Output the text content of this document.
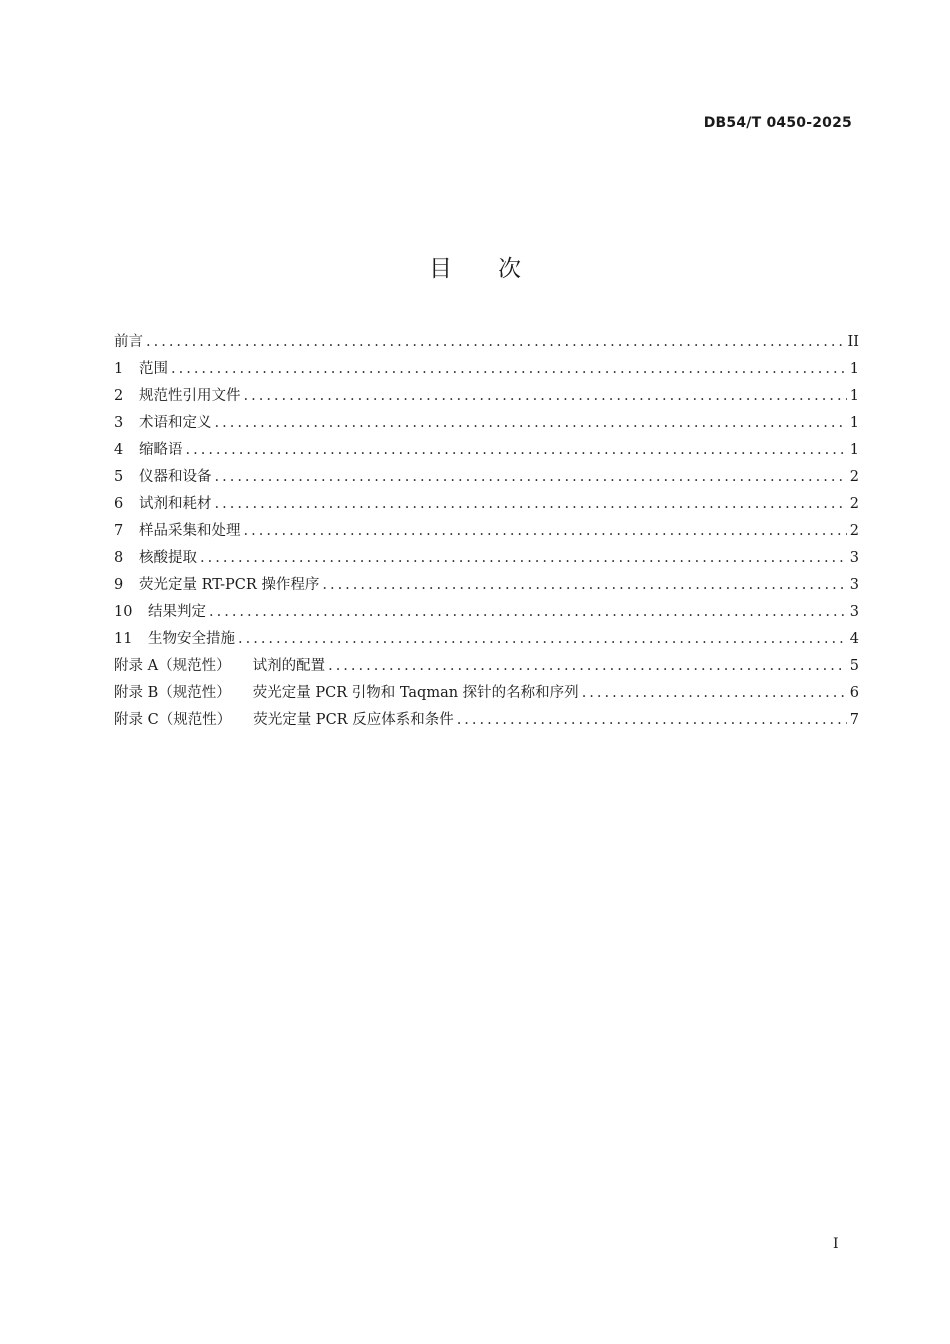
DB54/T 0450-2025
目次
前言 .....	II
1	范围 .....	1
2	规范性引用文件 .....	1
3	术语和定义 .....	1
4	缩略语 .....	1
5	仪器和设备 .....	2
6	试剂和耗材 .....	2
7	样品采集和处理 .....	2
8	核酸提取 .....	3
9	荧光定量 RT-PCR 操作程序 .....	3
10	结果判定 .....	3
11	生物安全措施 .....	4
附录 A（规范性） 试剂的配置 .....	5
附录 B（规范性） 荧光定量 PCR 引物和 Taqman 探针的名称和序列 .....	6
附录 C（规范性） 荧光定量 PCR 反应体系和条件 .....	7
I
